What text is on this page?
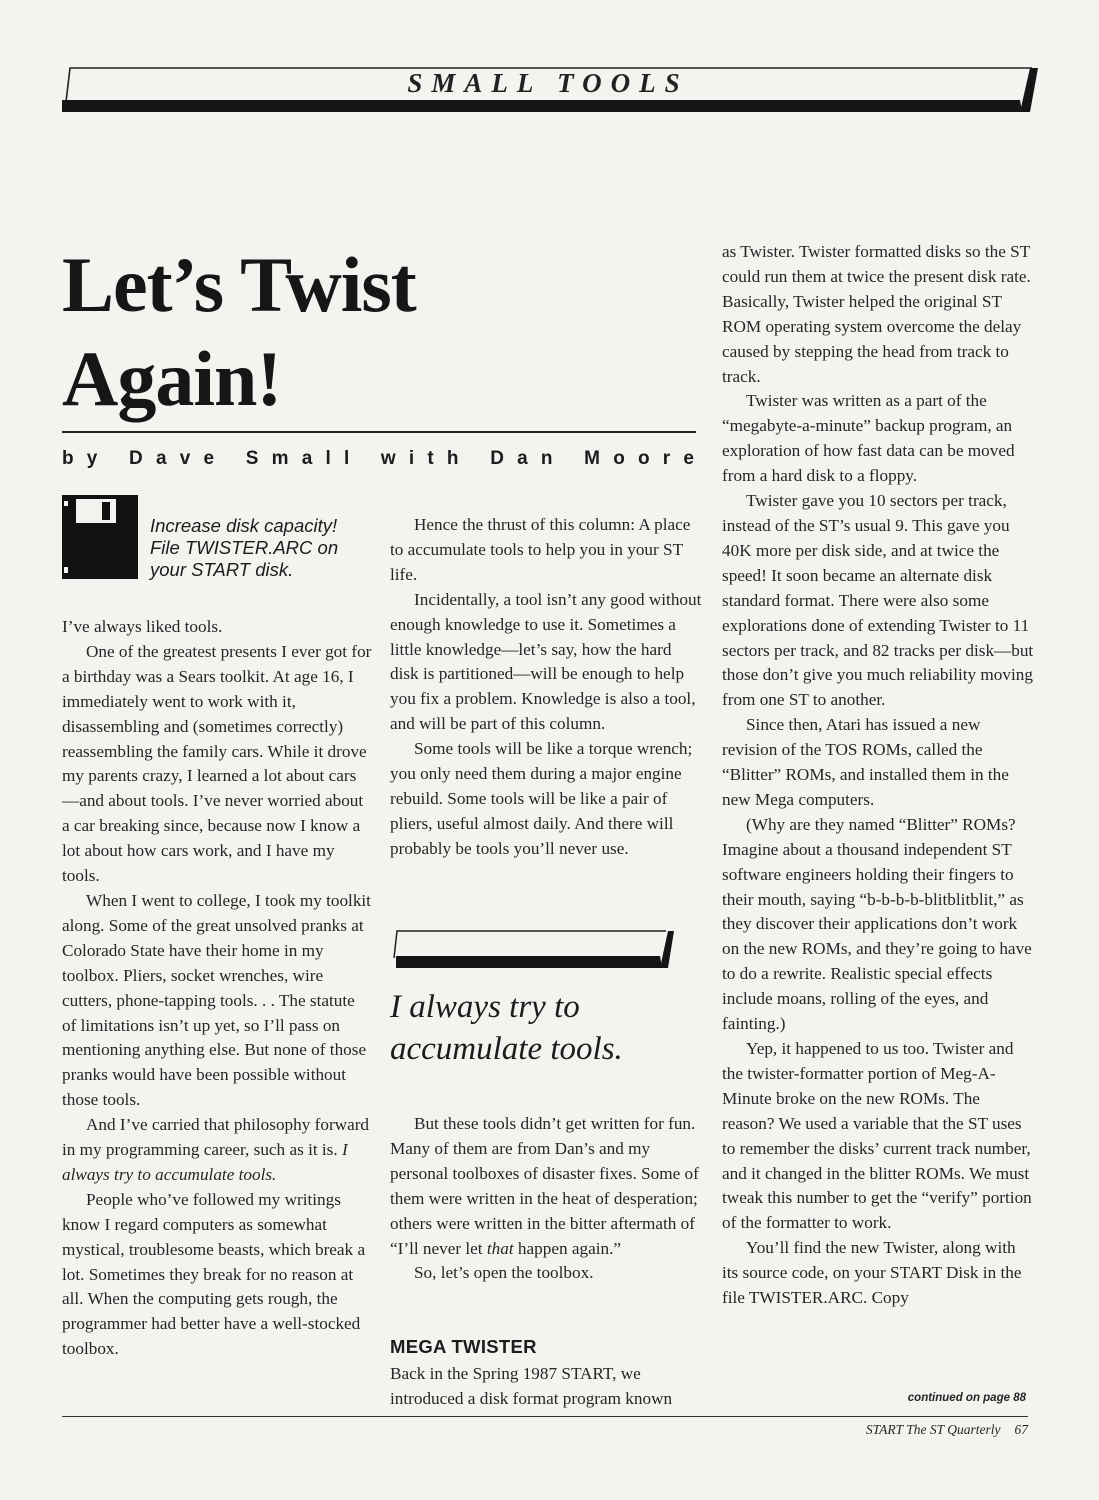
SMALL TOOLS
Let’s Twist
Again!
by Dave Small with Dan Moore
Increase disk capacity! File TWISTER.ARC on your START disk.

I’ve always liked tools.

One of the greatest presents I ever got for a birthday was a Sears toolkit. At age 16, I immediately went to work with it, disassembling and (sometimes correctly) reassembling the family cars. While it drove my parents crazy, I learned a lot about cars—and about tools. I’ve never worried about a car breaking since, because now I know a lot about how cars work, and I have my tools.

When I went to college, I took my toolkit along. Some of the great unsolved pranks at Colorado State have their home in my toolbox. Pliers, socket wrenches, wire cutters, phone-tapping tools. . . The statute of limitations isn’t up yet, so I’ll pass on mentioning anything else. But none of those pranks would have been possible without those tools.

And I’ve carried that philosophy forward in my programming career, such as it is. I always try to accumulate tools.

People who’ve followed my writings know I regard computers as somewhat mystical, troublesome beasts, which break a lot. Sometimes they break for no reason at all. When the computing gets rough, the programmer had better have a well-stocked toolbox.

Hence the thrust of this column: A place to accumulate tools to help you in your ST life.

Incidentally, a tool isn’t any good without enough knowledge to use it. Sometimes a little knowledge—let’s say, how the hard disk is partitioned—will be enough to help you fix a problem. Knowledge is also a tool, and will be part of this column.

Some tools will be like a torque wrench; you only need them during a major engine rebuild. Some tools will be like a pair of pliers, useful almost daily. And there will probably be tools you’ll never use.

I always try to accumulate tools.

But these tools didn’t get written for fun. Many of them are from Dan’s and my personal toolboxes of disaster fixes. Some of them were written in the heat of desperation; others were written in the bitter aftermath of “I’ll never let that happen again.”

So, let’s open the toolbox.

MEGA TWISTER

Back in the Spring 1987 START, we introduced a disk format program known

as Twister. Twister formatted disks so the ST could run them at twice the present disk rate. Basically, Twister helped the original ST ROM operating system overcome the delay caused by stepping the head from track to track.

Twister was written as a part of the “megabyte-a-minute” backup program, an exploration of how fast data can be moved from a hard disk to a floppy.

Twister gave you 10 sectors per track, instead of the ST’s usual 9. This gave you 40K more per disk side, and at twice the speed! It soon became an alternate disk standard format. There were also some explorations done of extending Twister to 11 sectors per track, and 82 tracks per disk—but those don’t give you much reliability moving from one ST to another.

Since then, Atari has issued a new revision of the TOS ROMs, called the “Blitter” ROMs, and installed them in the new Mega computers.

(Why are they named “Blitter” ROMs? Imagine about a thousand independent ST software engineers holding their fingers to their mouth, saying “b-b-b-b-blitblitblit,” as they discover their applications don’t work on the new ROMs, and they’re going to have to do a rewrite. Realistic special effects include moans, rolling of the eyes, and fainting.)

Yep, it happened to us too. Twister and the twister-formatter portion of Meg-A-Minute broke on the new ROMs. The reason? We used a variable that the ST uses to remember the disks’ current track number, and it changed in the blitter ROMs. We must tweak this number to get the “verify” portion of the formatter to work.

You’ll find the new Twister, along with its source code, on your START Disk in the file TWISTER.ARC. Copy

continued on page 88
START The ST Quarterly 67
